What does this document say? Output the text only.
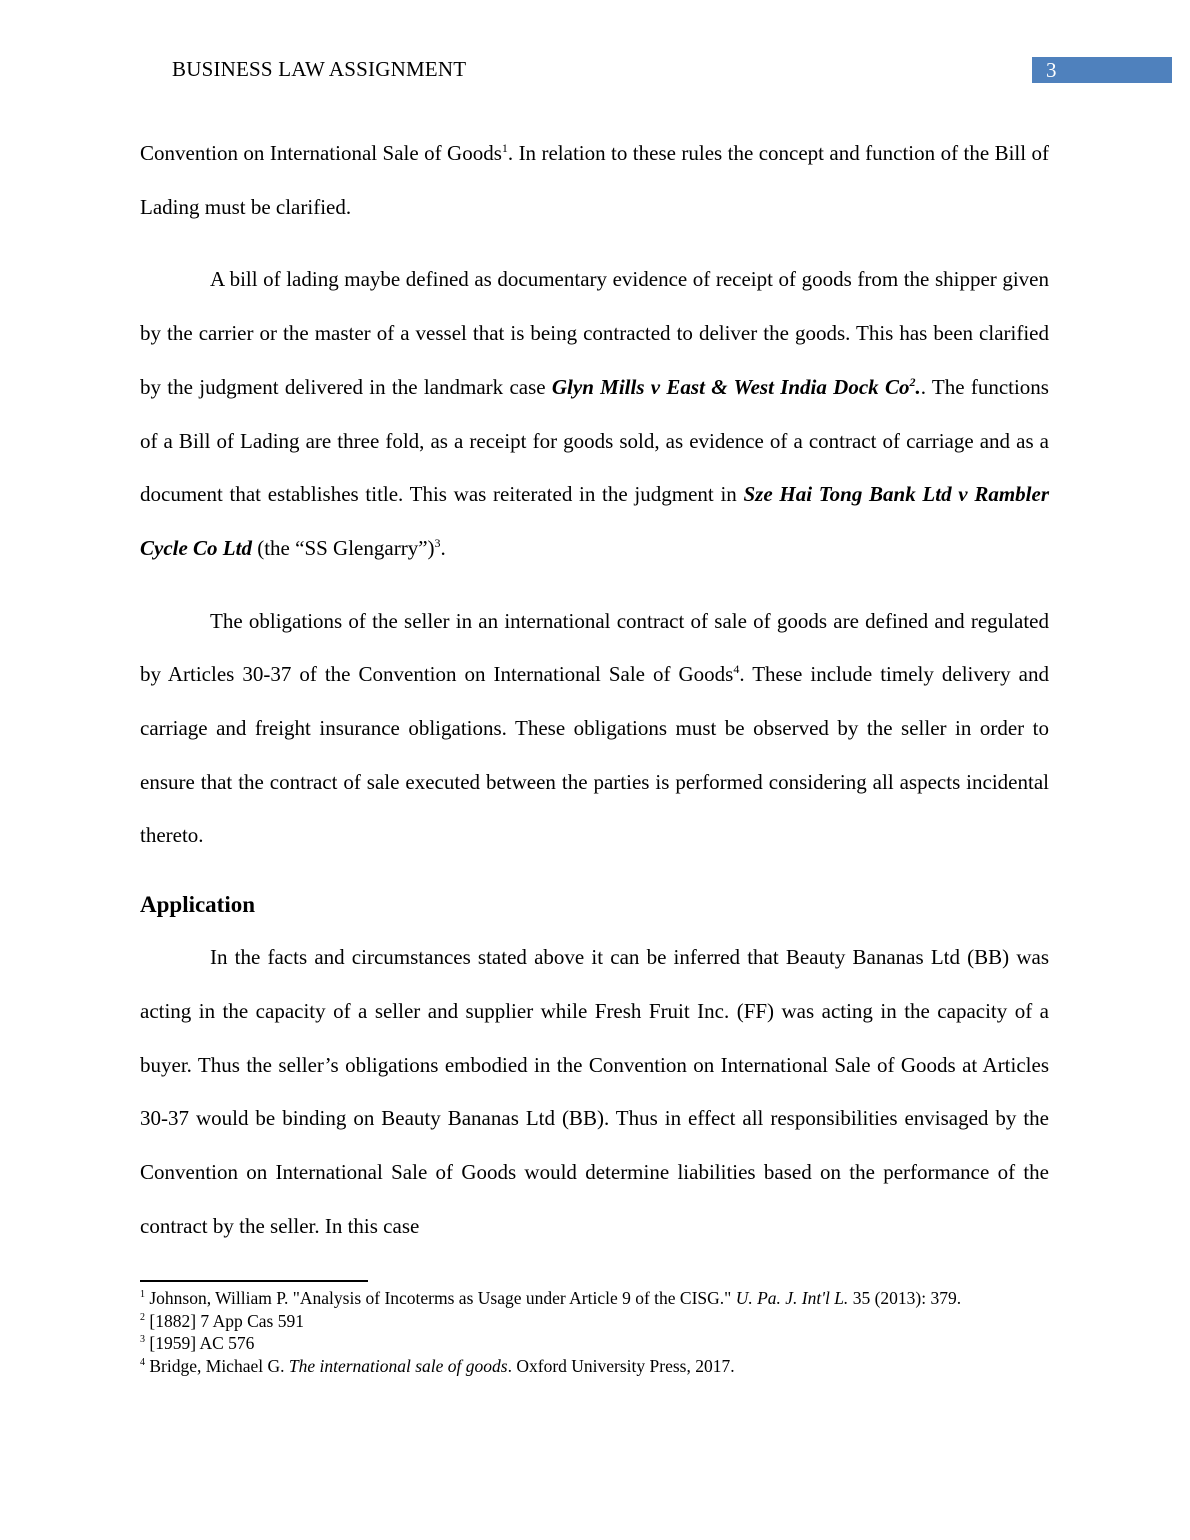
BUSINESS LAW ASSIGNMENT	3

Convention on International Sale of Goods$^1$. In relation to these rules the concept and function of the Bill of Lading must be clarified.

A bill of lading maybe defined as documentary evidence of receipt of goods from the shipper given by the carrier or the master of a vessel that is being contracted to deliver the goods. This has been clarified by the judgment delivered in the landmark case Glyn Mills v East & West India Dock Co$^2$.. The functions of a Bill of Lading are three fold, as a receipt for goods sold, as evidence of a contract of carriage and as a document that establishes title. This was reiterated in the judgment in Sze Hai Tong Bank Ltd v Rambler Cycle Co Ltd (the “SS Glengarry”)$^3$.

The obligations of the seller in an international contract of sale of goods are defined and regulated by Articles 30-37 of the Convention on International Sale of Goods$^4$. These include timely delivery and carriage and freight insurance obligations. These obligations must be observed by the seller in order to ensure that the contract of sale executed between the parties is performed considering all aspects incidental thereto.

Application

In the facts and circumstances stated above it can be inferred that Beauty Bananas Ltd (BB) was acting in the capacity of a seller and supplier while Fresh Fruit Inc. (FF) was acting in the capacity of a buyer. Thus the seller’s obligations embodied in the Convention on International Sale of Goods at Articles 30-37 would be binding on Beauty Bananas Ltd (BB). Thus in effect all responsibilities envisaged by the Convention on International Sale of Goods would determine liabilities based on the performance of the contract by the seller. In this case

$^1$ Johnson, William P. "Analysis of Incoterms as Usage under Article 9 of the CISG." U. Pa. J. Int'l L. 35 (2013): 379.

$^2$ [1882] 7 App Cas 591

$^3$ [1959] AC 576

$^4$ Bridge, Michael G. The international sale of goods. Oxford University Press, 2017.
